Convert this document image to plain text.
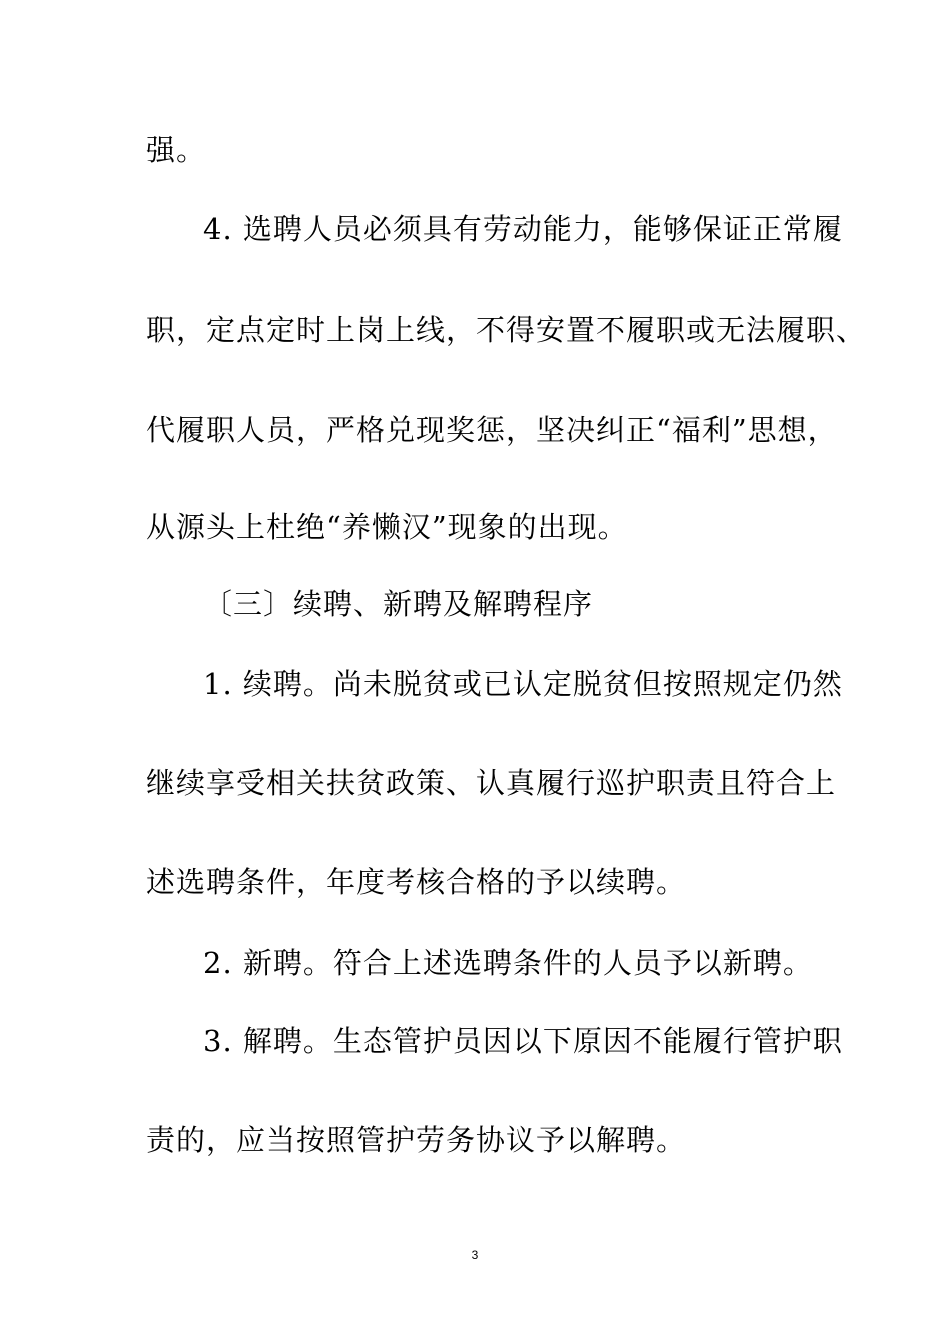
强。

4. 选聘人员必须具有劳动能力，能够保证正常履

职，定点定时上岗上线，不得安置不履职或无法履职、

代履职人员，严格兑现奖惩，坚决纠正“福利”思想，

从源头上杜绝“养懒汉”现象的出现。

〔三〕续聘、新聘及解聘程序

1. 续聘。尚未脱贫或已认定脱贫但按照规定仍然

继续享受相关扶贫政策、认真履行巡护职责且符合上

述选聘条件，年度考核合格的予以续聘。

2. 新聘。符合上述选聘条件的人员予以新聘。

3. 解聘。生态管护员因以下原因不能履行管护职

责的，应当按照管护劳务协议予以解聘。

3
